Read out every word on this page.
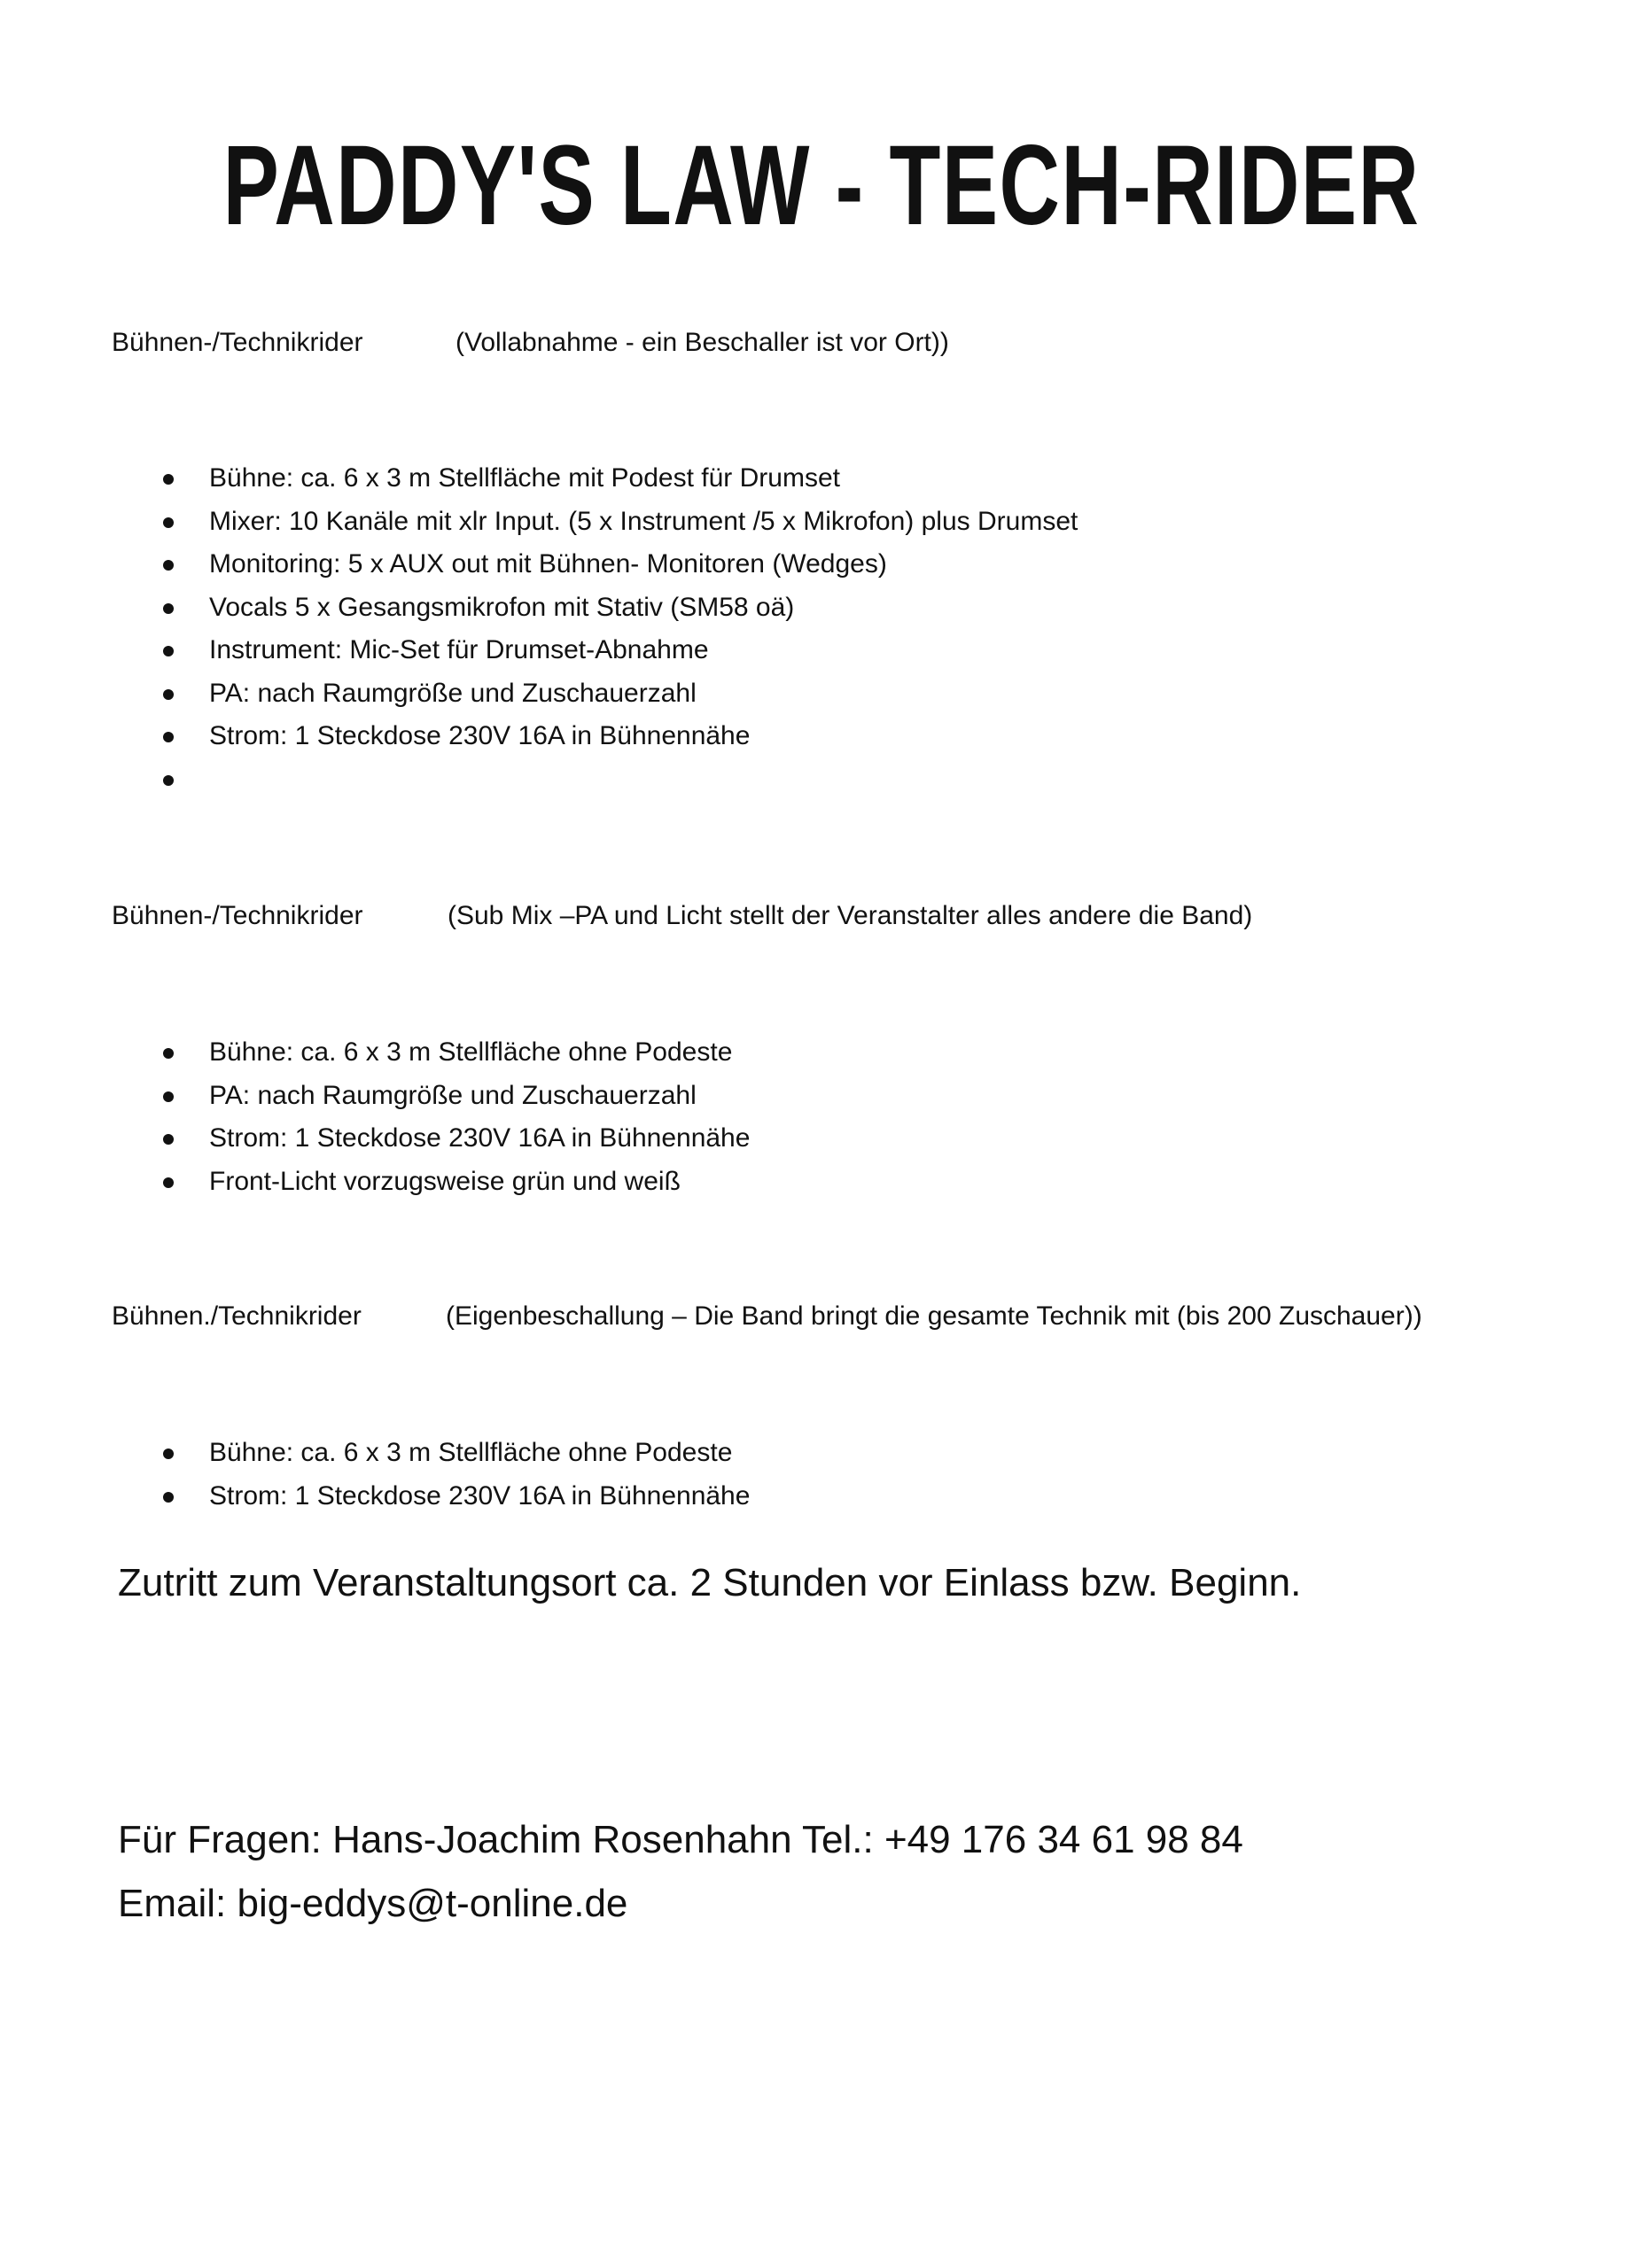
PADDY'S LAW - TECH-RIDER
Bühnen-/Technikrider	(Vollabnahme - ein Beschaller ist vor Ort))
Bühne: ca. 6 x 3 m Stellfläche mit Podest für Drumset
Mixer: 10 Kanäle mit xlr Input. (5 x Instrument /5 x Mikrofon) plus Drumset
Monitoring: 5 x AUX out mit Bühnen- Monitoren (Wedges)
Vocals 5 x Gesangsmikrofon mit Stativ (SM58 oä)
Instrument: Mic-Set für Drumset-Abnahme
PA: nach Raumgröße und Zuschauerzahl
Strom: 1 Steckdose 230V 16A in Bühnennähe
Bühnen-/Technikrider	(Sub Mix –PA und Licht stellt der Veranstalter alles andere die Band)
Bühne: ca. 6 x 3 m Stellfläche ohne Podeste
PA: nach Raumgröße und Zuschauerzahl
Strom: 1 Steckdose 230V 16A in Bühnennähe
Front-Licht vorzugsweise grün und weiß
Bühnen./Technikrider	(Eigenbeschallung – Die Band bringt die gesamte Technik mit (bis 200 Zuschauer))
Bühne: ca. 6 x 3 m Stellfläche ohne Podeste
Strom: 1 Steckdose 230V 16A in Bühnennähe
Zutritt zum Veranstaltungsort ca. 2 Stunden vor Einlass bzw. Beginn.
Für Fragen: Hans-Joachim Rosenhahn Tel.: +49 176 34 61 98 84
Email: big-eddys@t-online.de
